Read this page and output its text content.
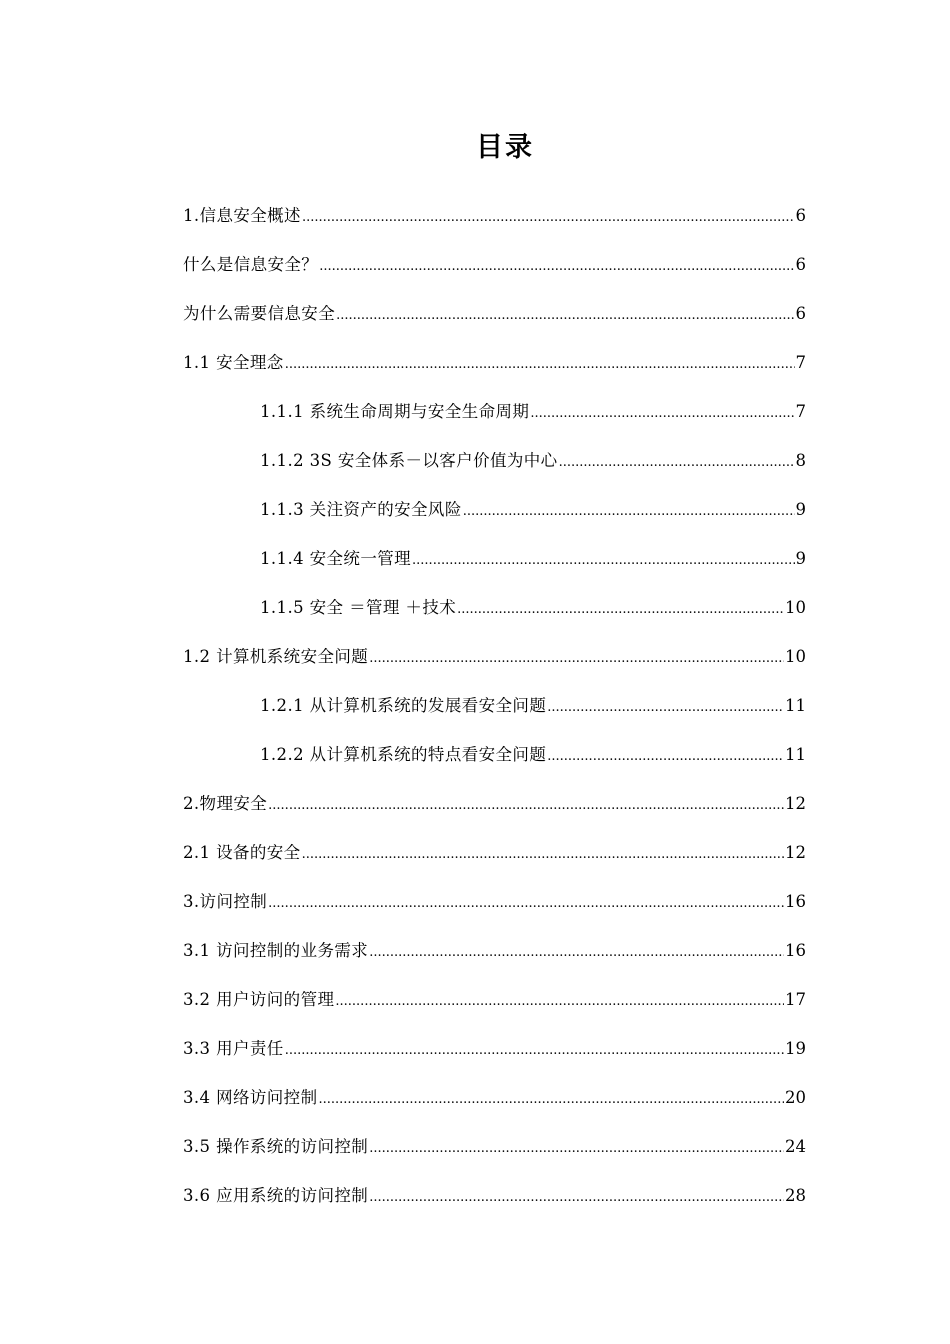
目录
1.信息安全概述 .....	6
什么是信息安全？ .....	6
为什么需要信息安全 .....	6
1.1 安全理念 .....	7
1.1.1 系统生命周期与安全生命周期 .....	7
1.1.2 3S 安全体系－以客户价值为中心 .....	8
1.1.3 关注资产的安全风险 .....	9
1.1.4 安全统一管理 .....	9
1.1.5 安全 ＝管理 ＋技术 .....	10
1.2 计算机系统安全问题 .....	10
1.2.1 从计算机系统的发展看安全问题 .....	11
1.2.2 从计算机系统的特点看安全问题 .....	11
2.物理安全 .....	12
2.1 设备的安全 .....	12
3.访问控制 .....	16
3.1 访问控制的业务需求 .....	16
3.2 用户访问的管理 .....	17
3.3 用户责任 .....	19
3.4 网络访问控制 .....	20
3.5 操作系统的访问控制 .....	24
3.6 应用系统的访问控制 .....	28
